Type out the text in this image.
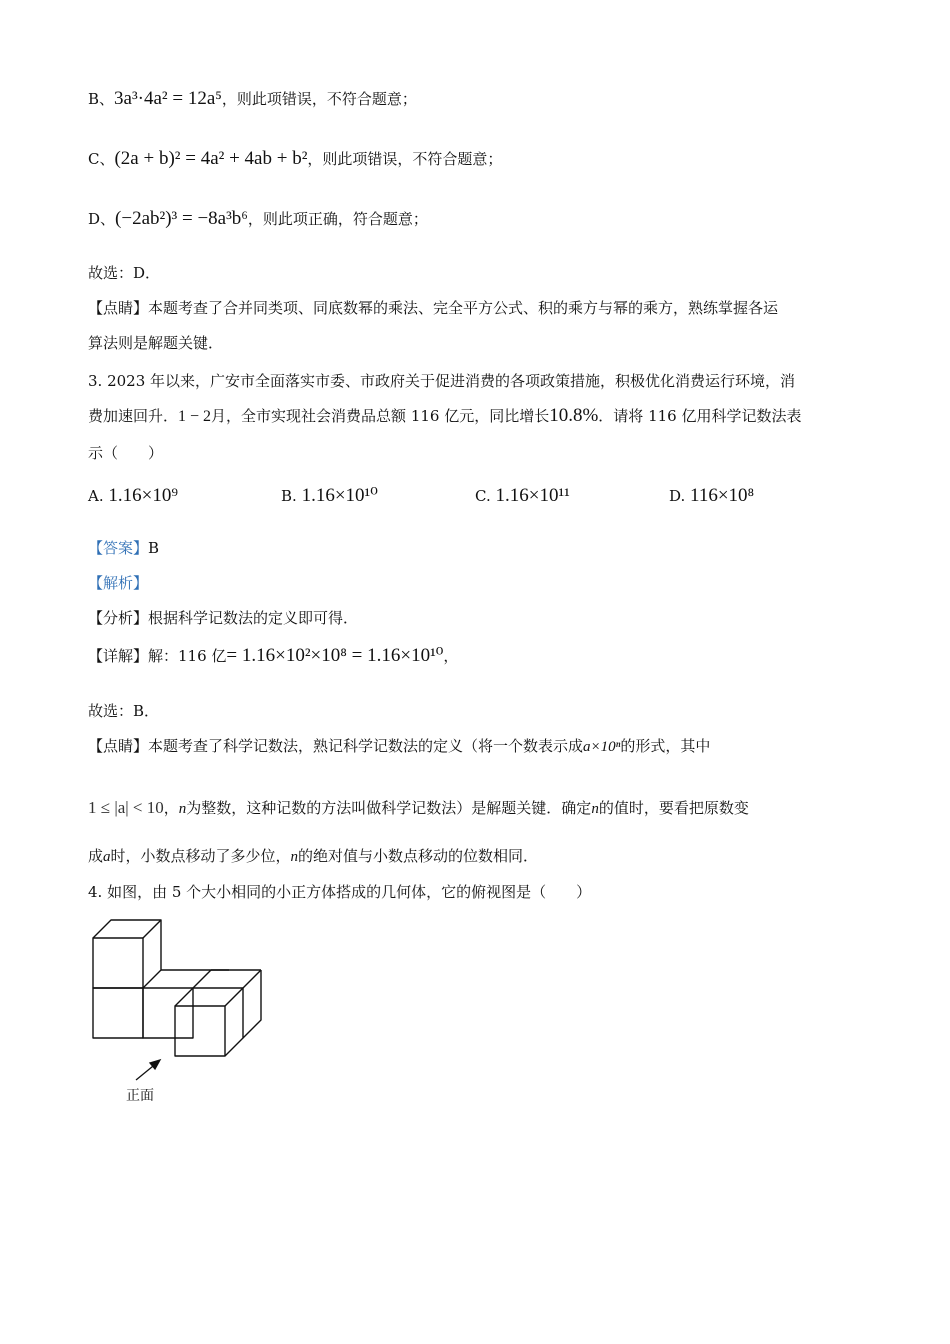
B、3a³·4a² = 12a⁵，则此项错误，不符合题意；
C、(2a + b)² = 4a² + 4ab + b²，则此项错误，不符合题意；
D、(−2ab²)³ = −8a³b⁶，则此项正确，符合题意；
故选：D．
【点睛】本题考查了合并同类项、同底数幂的乘法、完全平方公式、积的乘方与幂的乘方，熟练掌握各运
算法则是解题关键．
3. 2023 年以来，广安市全面落实市委、市政府关于促进消费的各项政策措施，积极优化消费运行环境，消
费加速回升．1 − 2月，全市实现社会消费品总额 116 亿元，同比增长10.8%．请将 116 亿用科学记数法表
示（　　）
A. 1.16×10⁹	B. 1.16×10¹⁰	C. 1.16×10¹¹	D. 116×10⁸
【答案】B
【解析】
【分析】根据科学记数法的定义即可得．
【详解】解：116 亿= 1.16×10²×10⁸ = 1.16×10¹⁰，
故选：B．
【点睛】本题考查了科学记数法，熟记科学记数法的定义（将一个数表示成a×10ⁿ的形式，其中
1 ≤ |a| < 10，n为整数，这种记数的方法叫做科学记数法）是解题关键．确定n的值时，要看把原数变
成a时，小数点移动了多少位，n的绝对值与小数点移动的位数相同．
4. 如图，由 5 个大小相同的小正方体搭成的几何体，它的俯视图是（　　）
正面
